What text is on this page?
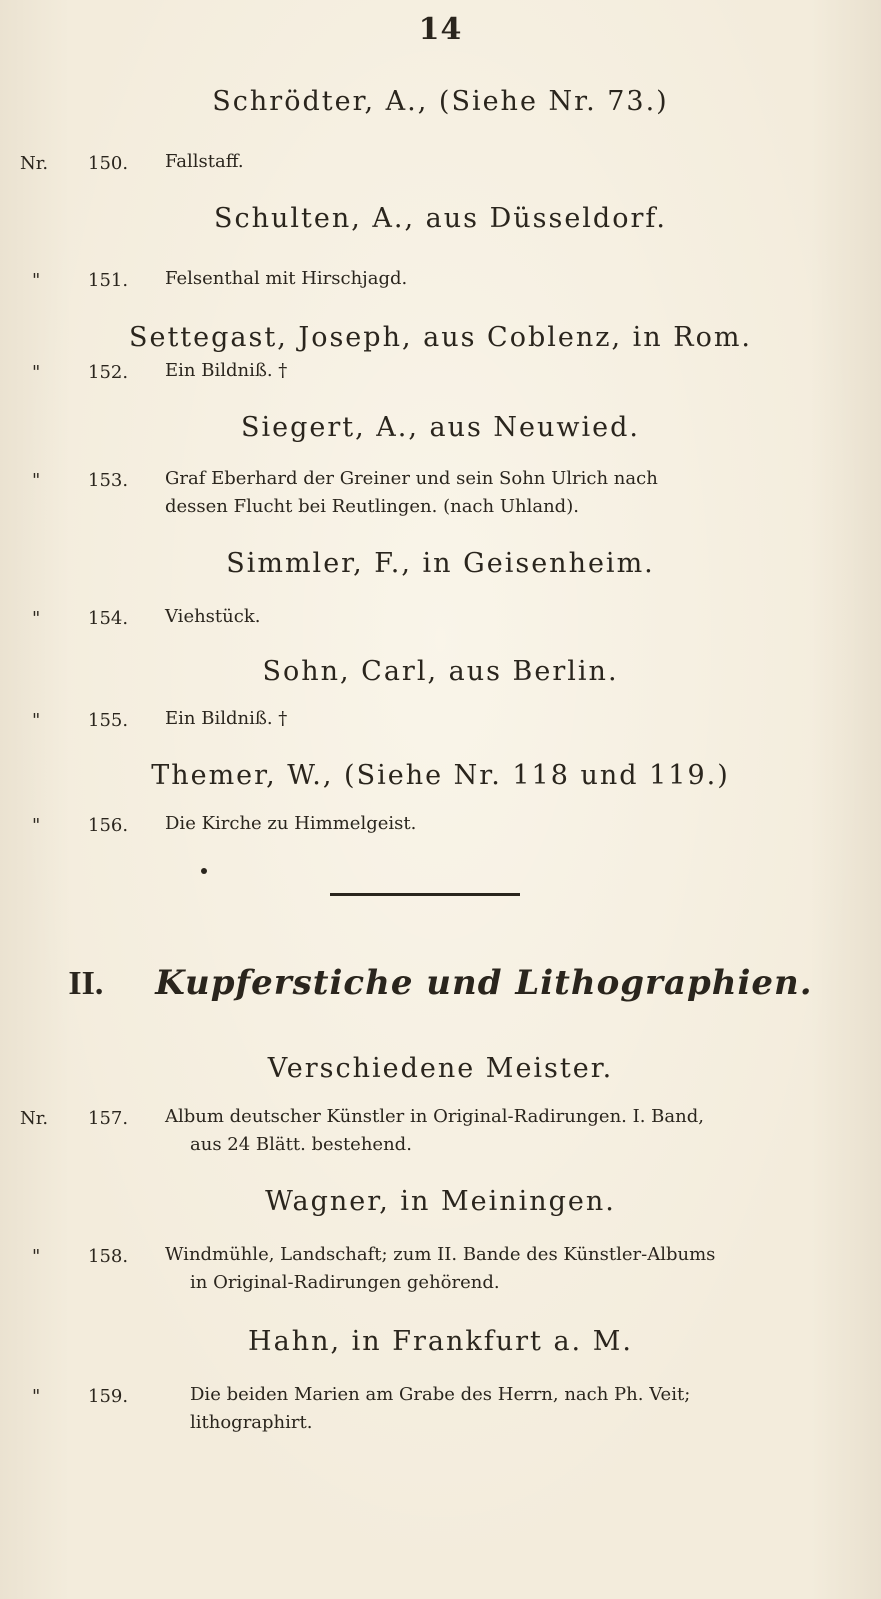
14
Schrödter, A., (Siehe Nr. 73.)
Nr.	150. Fallstaff.
Schulten, A., aus Düsseldorf.
"	151. Felsenthal mit Hirschjagd.
Settegast, Joseph, aus Coblenz, in Rom.
"	152. Ein Bildniß. †
Siegert, A., aus Neuwied.
"	153. Graf Eberhard der Greiner und sein Sohn Ulrich nach
dessen Flucht bei Reutlingen. (nach Uhland).
Simmler, F., in Geisenheim.
"	154. Viehstück.
Sohn, Carl, aus Berlin.
"	155. Ein Bildniß. †
Themer, W., (Siehe Nr. 118 und 119.)
"	156. Die Kirche zu Himmelgeist.
II. Kupferstiche und Lithographien.
Verschiedene Meister.
Nr.	157. Album deutscher Künstler in Original-Radirungen. I. Band,
aus 24 Blätt. bestehend.
Wagner, in Meiningen.
"	158. Windmühle, Landschaft; zum II. Bande des Künstler-Albums
in Original-Radirungen gehörend.
Hahn, in Frankfurt a. M.
"	159.	Die beiden Marien am Grabe des Herrn, nach Ph. Veit;
lithographirt.
